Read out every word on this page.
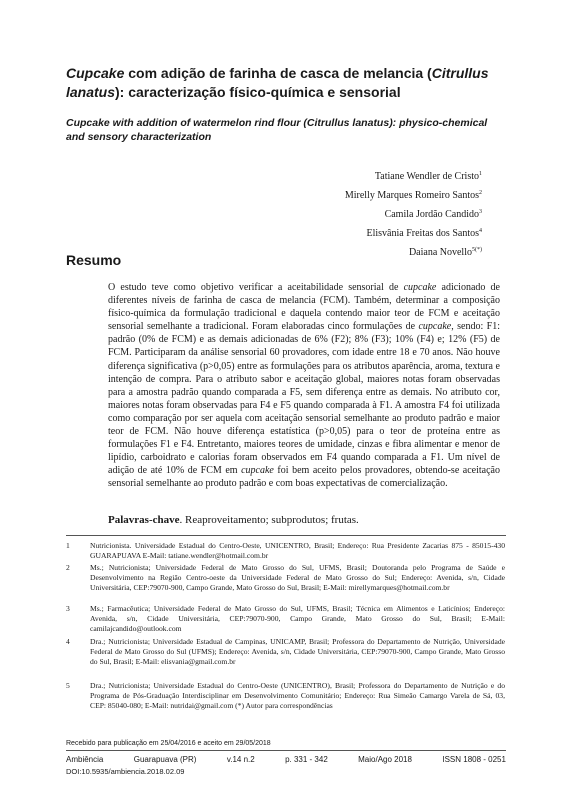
Cupcake com adição de farinha de casca de melancia (Citrullus lanatus): caracterização físico-química e sensorial
Cupcake with addition of watermelon rind flour (Citrullus lanatus): physico-chemical and sensory characterization
Tatiane Wendler de Cristo$^1$
Mirelly Marques Romeiro Santos$^2$
Camila Jordão Candido$^3$
Elisvânia Freitas dos Santos$^4$
Daiana Novello$^{5(*)}$
Resumo
O estudo teve como objetivo verificar a aceitabilidade sensorial de cupcake adicionado de diferentes níveis de farinha de casca de melancia (FCM). Também, determinar a composição físico-química da formulação tradicional e daquela contendo maior teor de FCM e aceitação sensorial semelhante a tradicional. Foram elaboradas cinco formulações de cupcake, sendo: F1: padrão (0% de FCM) e as demais adicionadas de 6% (F2); 8% (F3); 10% (F4) e; 12% (F5) de FCM. Participaram da análise sensorial 60 provadores, com idade entre 18 e 70 anos. Não houve diferença significativa (p>0,05) entre as formulações para os atributos aparência, aroma, textura e intenção de compra. Para o atributo sabor e aceitação global, maiores notas foram observadas para a amostra padrão quando comparada a F5, sem diferença entre as demais. No atributo cor, maiores notas foram observadas para F4 e F5 quando comparada à F1. A amostra F4 foi utilizada como comparação por ser aquela com aceitação sensorial semelhante ao produto padrão e maior teor de FCM. Não houve diferença estatística (p>0,05) para o teor de proteína entre as formulações F1 e F4. Entretanto, maiores teores de umidade, cinzas e fibra alimentar e menor de lipídio, carboidrato e calorias foram observados em F4 quando comparada a F1. Um nível de adição de até 10% de FCM em cupcake foi bem aceito pelos provadores, obtendo-se aceitação sensorial semelhante ao produto padrão e com boas expectativas de comercialização.
Palavras-chave. Reaproveitamento; subprodutos; frutas.
1	Nutricionista. Universidade Estadual do Centro-Oeste, UNICENTRO, Brasil; Endereço: Rua Presidente Zacarias 875 - 85015-430 GUARAPUAVA E-Mail: tatiane.wendler@hotmail.com.br
2	Ms.; Nutricionista; Universidade Federal de Mato Grosso do Sul, UFMS, Brasil; Doutoranda pelo Programa de Saúde e Desenvolvimento na Região Centro-oeste da Universidade Federal de Mato Grosso do Sul; Endereço: Avenida, s/n, Cidade Universitária, CEP:79070-900, Campo Grande, Mato Grosso do Sul, Brasil; E-Mail: mirellymarques@hotmail.com.br
3	Ms.; Farmacêutica; Universidade Federal de Mato Grosso do Sul, UFMS, Brasil; Técnica em Alimentos e Laticínios; Endereço: Avenida, s/n, Cidade Universitária, CEP:79070-900, Campo Grande, Mato Grosso do Sul, Brasil; E-Mail: camilajcandido@outlook.com
4	Dra.; Nutricionista; Universidade Estadual de Campinas, UNICAMP, Brasil; Professora do Departamento de Nutrição, Universidade Federal de Mato Grosso do Sul (UFMS); Endereço: Avenida, s/n, Cidade Universitária, CEP:79070-900, Campo Grande, Mato Grosso do Sul, Brasil; E-Mail: elisvania@gmail.com.br
5	Dra.; Nutricionista; Universidade Estadual do Centro-Oeste (UNICENTRO), Brasil; Professora do Departamento de Nutrição e do Programa de Pós-Graduação Interdisciplinar em Desenvolvimento Comunitário; Endereço: Rua Simeão Camargo Varela de Sá, 03, CEP: 85040-080; E-Mail: nutridai@gmail.com (*) Autor para correspondências
Recebido para publicação em 25/04/2016 e aceito em 29/05/2018
Ambiência	Guarapuava (PR)	v.14 n.2	p. 331 - 342	Maio/Ago 2018	ISSN 1808 - 0251
DOI:10.5935/ambiencia.2018.02.09
